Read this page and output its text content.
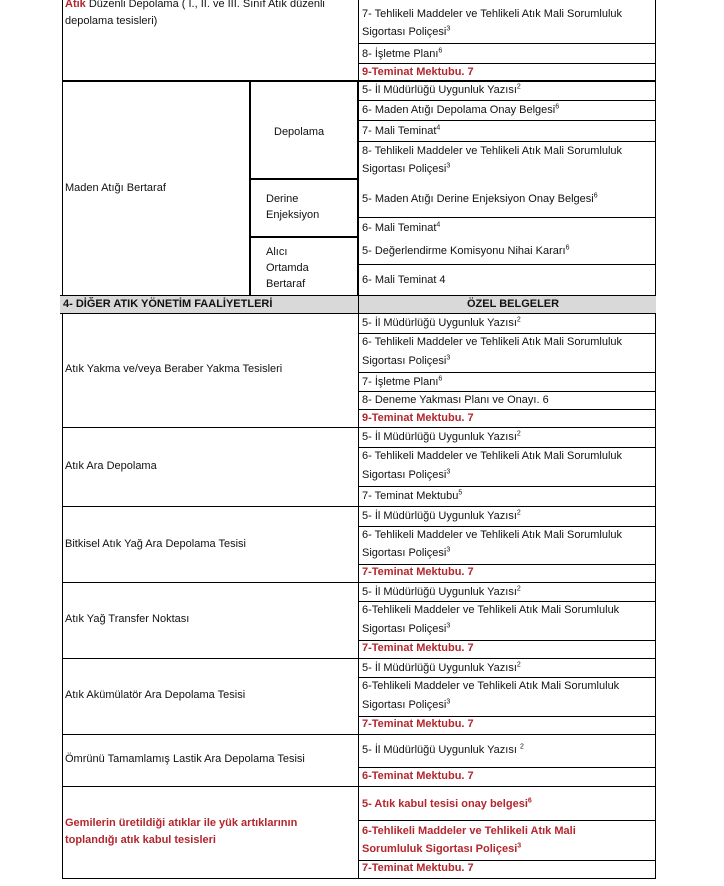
Atık Düzenli Depolama ( I., II. ve III. Sınıf Atık düzenli
depolama tesisleri)
7- Tehlikeli Maddeler ve Tehlikeli Atık Mali Sorumluluk
Sigortası Poliçesi$^3$
8- İşletme Planı$^6$
9-Teminat Mektubu. 7
Maden Atığı Bertaraf
Depolama
Derine
Enjeksiyon
Alıcı
Ortamda
Bertaraf
5- İl Müdürlüğü Uygunluk Yazısı$^2$
6- Maden Atığı Depolama Onay Belgesi$^6$
7- Mali Teminat$^4$
8- Tehlikeli Maddeler ve Tehlikeli Atık Mali Sorumluluk
Sigortası Poliçesi$^3$
5- Maden Atığı Derine Enjeksiyon Onay Belgesi$^6$
6- Mali Teminat$^4$
5- Değerlendirme Komisyonu Nihai Kararı$^6$
6- Mali Teminat 4
4- DİĞER ATIK YÖNETİM FAALİYETLERİ	ÖZEL BELGELER
Atık Yakma ve/veya Beraber Yakma Tesisleri
5- İl Müdürlüğü Uygunluk Yazısı$^2$
6- Tehlikeli Maddeler ve Tehlikeli Atık Mali Sorumluluk
Sigortası Poliçesi$^3$
7- İşletme Planı$^6$
8- Deneme Yakması Planı ve Onayı. 6
9-Teminat Mektubu. 7
Atık Ara Depolama
5- İl Müdürlüğü Uygunluk Yazısı$^2$
6- Tehlikeli Maddeler ve Tehlikeli Atık Mali Sorumluluk
Sigortası Poliçesi$^3$
7- Teminat Mektubu$^5$
Bitkisel Atık Yağ Ara Depolama Tesisi
5- İl Müdürlüğü Uygunluk Yazısı$^2$
6- Tehlikeli Maddeler ve Tehlikeli Atık Mali Sorumluluk
Sigortası Poliçesi$^3$
7-Teminat Mektubu. 7
Atık Yağ Transfer Noktası
5- İl Müdürlüğü Uygunluk Yazısı$^2$
6-Tehlikeli Maddeler ve Tehlikeli Atık Mali Sorumluluk
Sigortası Poliçesi$^3$
7-Teminat Mektubu. 7
Atık Akümülatör Ara Depolama Tesisi
5- İl Müdürlüğü Uygunluk Yazısı$^2$
6-Tehlikeli Maddeler ve Tehlikeli Atık Mali Sorumluluk
Sigortası Poliçesi$^3$
7-Teminat Mektubu. 7
Ömrünü Tamamlamış Lastik Ara Depolama Tesisi
5- İl Müdürlüğü Uygunluk Yazısı $^2$
6-Teminat Mektubu. 7
Gemilerin üretildiği atıklar ile yük artıklarının
toplandığı atık kabul tesisleri
5- Atık kabul tesisi onay belgesi$^6$
6-Tehlikeli Maddeler ve Tehlikeli Atık Mali
Sorumluluk Sigortası Poliçesi$^3$
7-Teminat Mektubu. 7
